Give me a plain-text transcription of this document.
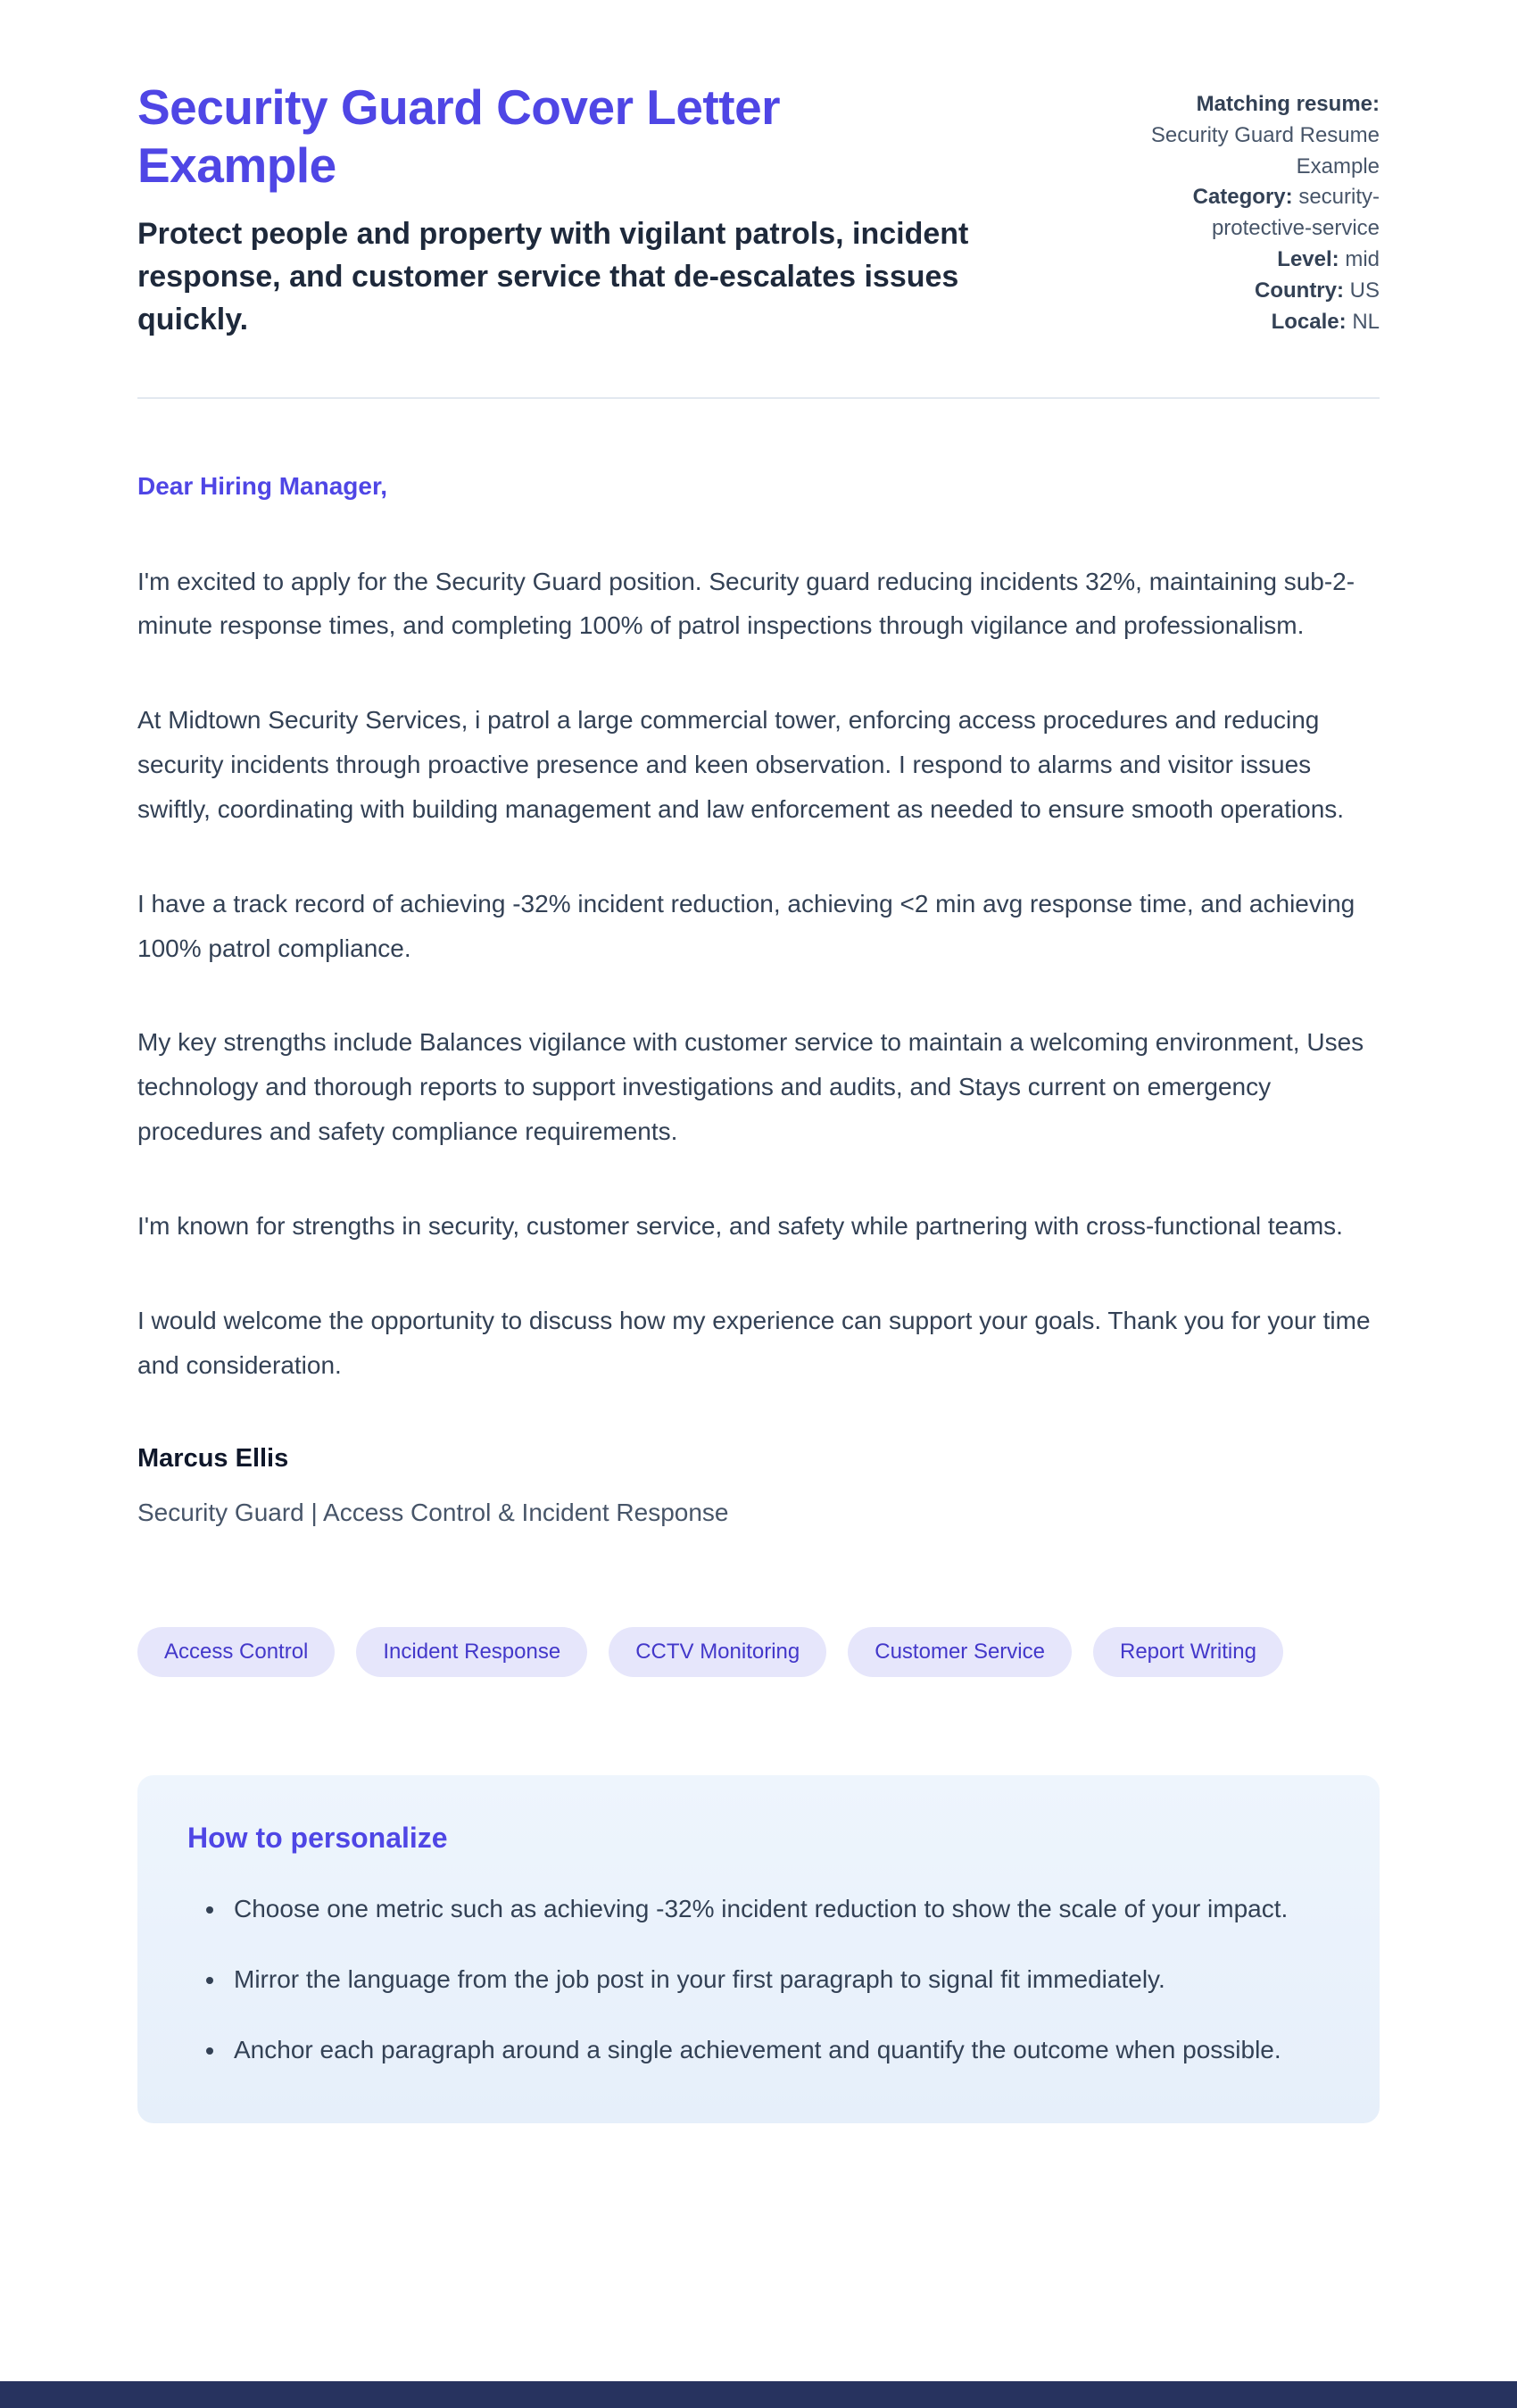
Security Guard Cover Letter Example

Protect people and property with vigilant patrols, incident response, and customer service that de-escalates issues quickly.

Matching resume: Security Guard Resume Example
Category: security-protective-service
Level: mid
Country: US
Locale: NL

Dear Hiring Manager,

I'm excited to apply for the Security Guard position. Security guard reducing incidents 32%, maintaining sub-2-minute response times, and completing 100% of patrol inspections through vigilance and professionalism.

At Midtown Security Services, i patrol a large commercial tower, enforcing access procedures and reducing security incidents through proactive presence and keen observation. I respond to alarms and visitor issues swiftly, coordinating with building management and law enforcement as needed to ensure smooth operations.

I have a track record of achieving -32% incident reduction, achieving <2 min avg response time, and achieving 100% patrol compliance.

My key strengths include Balances vigilance with customer service to maintain a welcoming environment, Uses technology and thorough reports to support investigations and audits, and Stays current on emergency procedures and safety compliance requirements.

I'm known for strengths in security, customer service, and safety while partnering with cross-functional teams.

I would welcome the opportunity to discuss how my experience can support your goals. Thank you for your time and consideration.

Marcus Ellis

Security Guard | Access Control & Incident Response

Access Control	Incident Response	CCTV Monitoring	Customer Service	Report Writing
How to personalize
• Choose one metric such as achieving -32% incident reduction to show the scale of your impact.
• Mirror the language from the job post in your first paragraph to signal fit immediately.
• Anchor each paragraph around a single achievement and quantify the outcome when possible.
